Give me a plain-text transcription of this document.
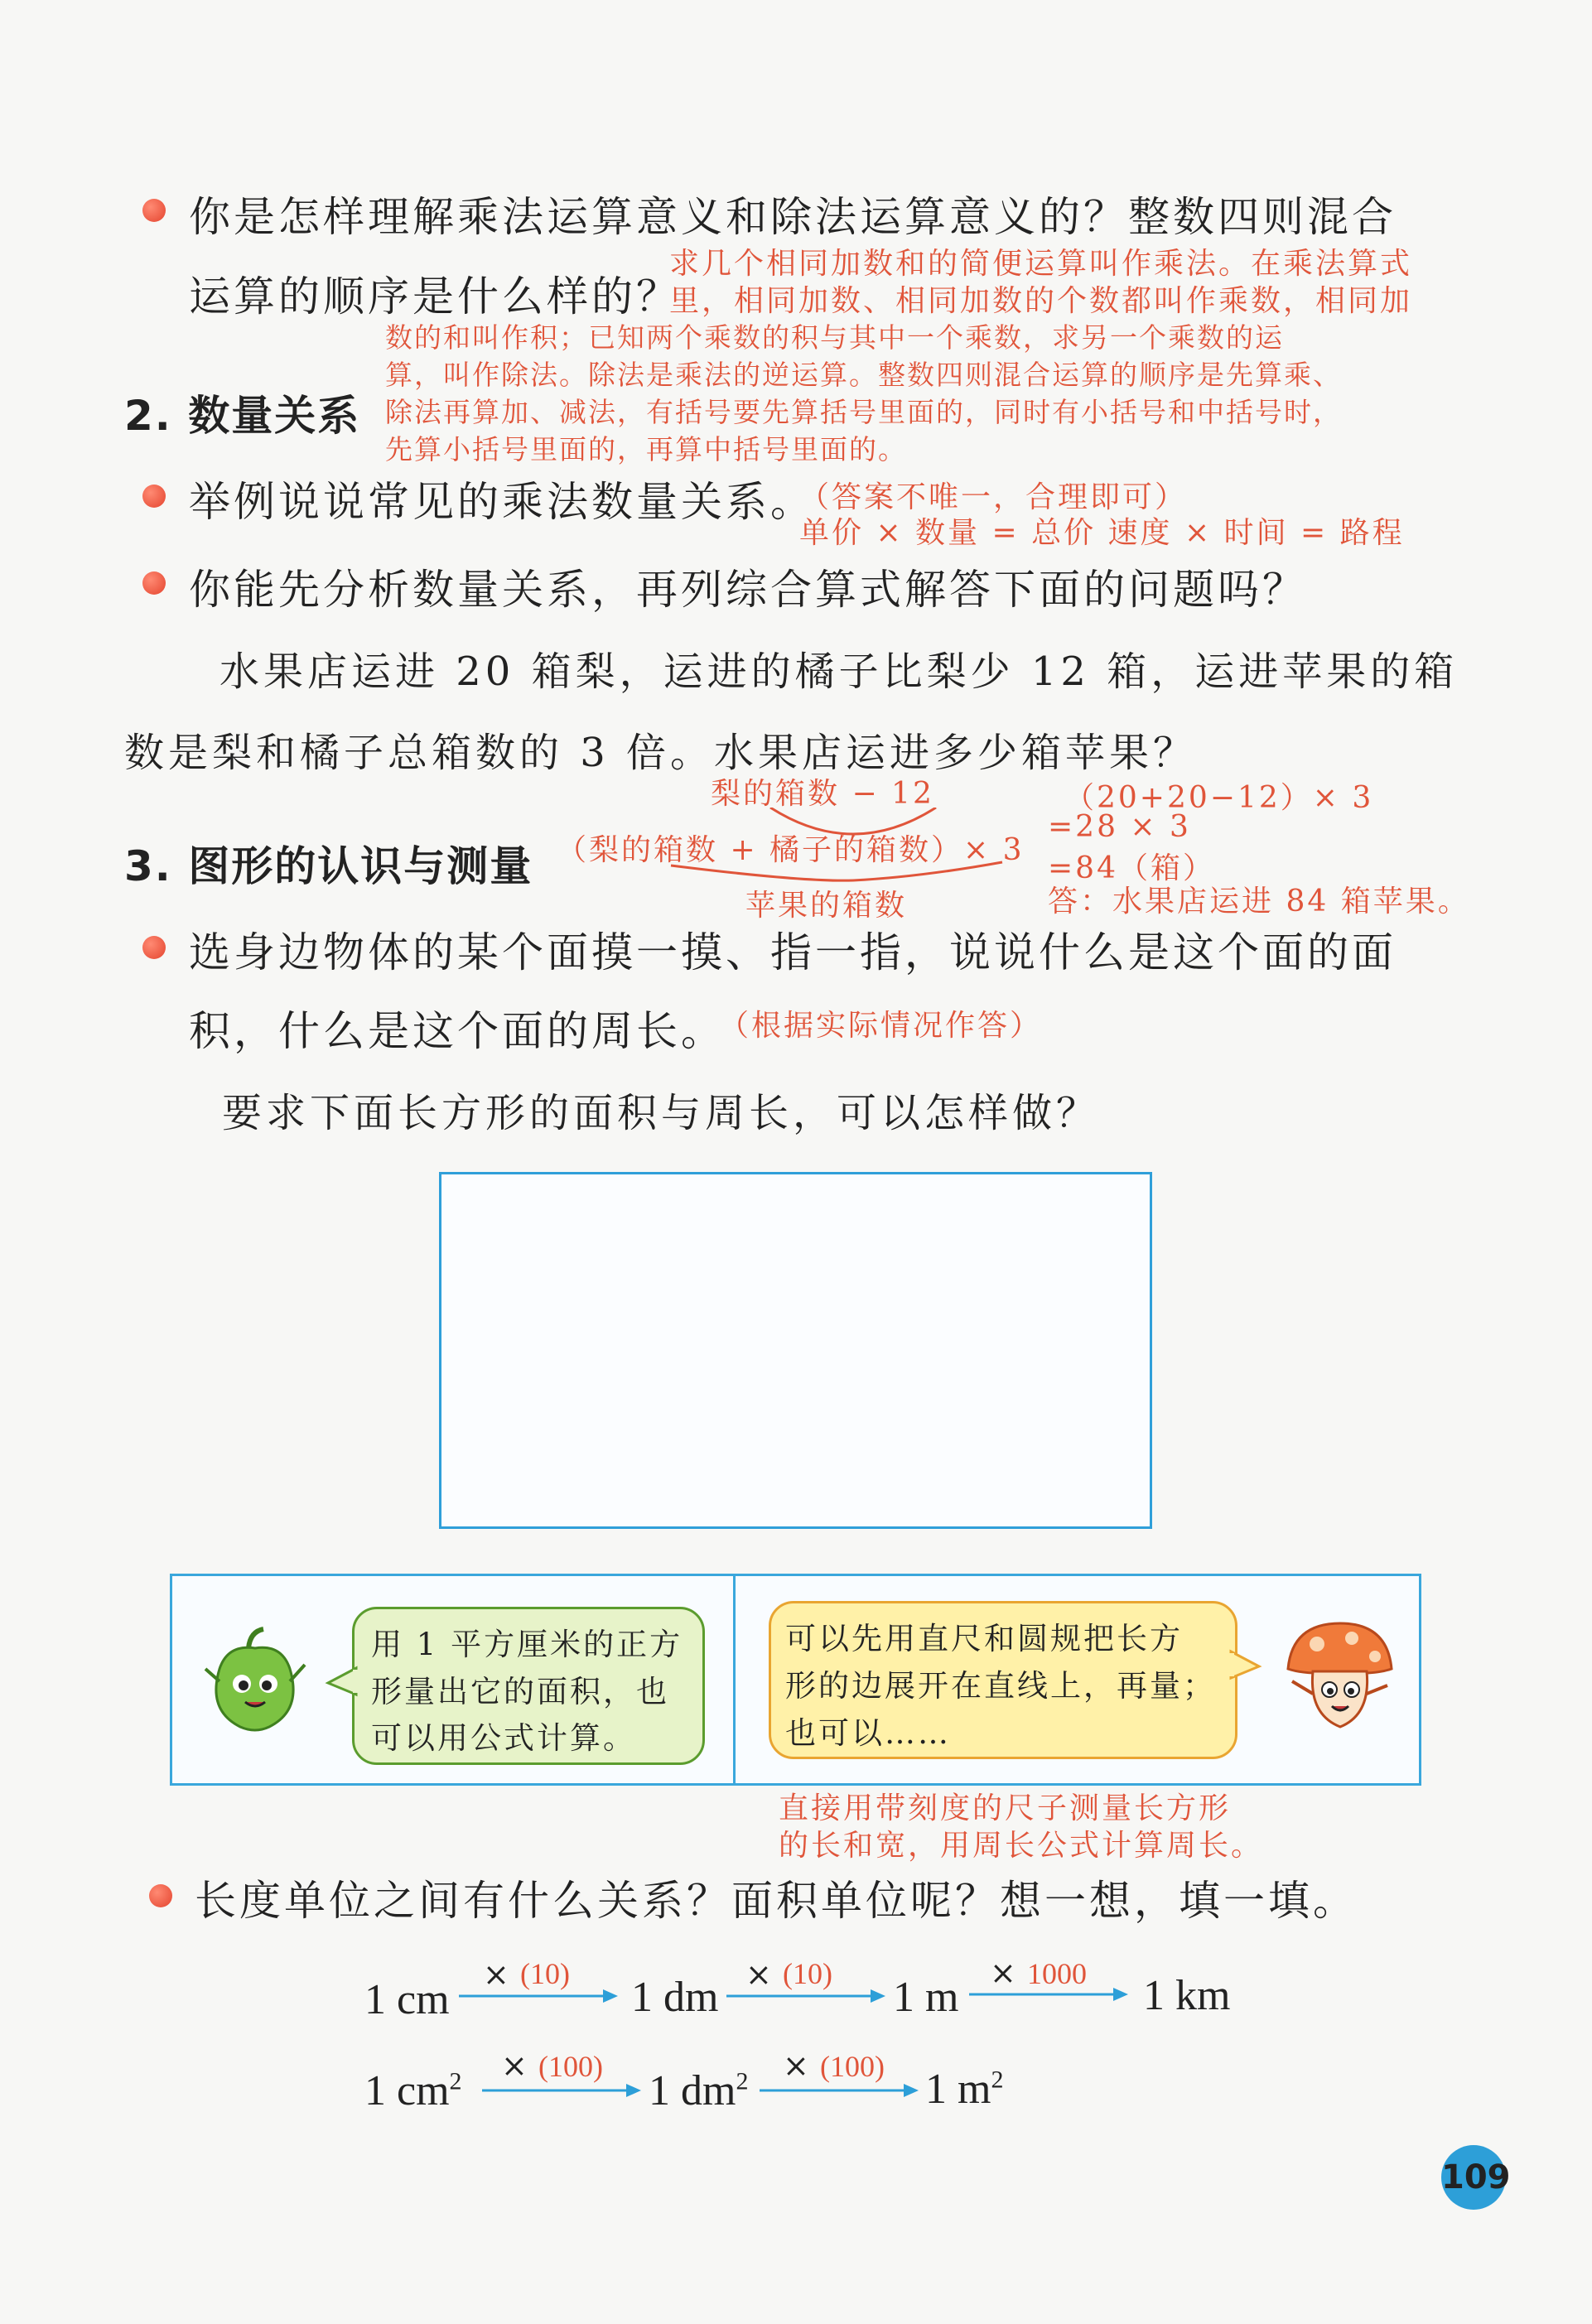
你是怎样理解乘法运算意义和除法运算意义的？整数四则混合
运算的顺序是什么样的？
求几个相同加数和的简便运算叫作乘法。在乘法算式
里，相同加数、相同加数的个数都叫作乘数，相同加
数的和叫作积；已知两个乘数的积与其中一个乘数，求另一个乘数的运
算，叫作除法。除法是乘法的逆运算。整数四则混合运算的顺序是先算乘、
除法再算加、减法，有括号要先算括号里面的，同时有小括号和中括号时，
先算小括号里面的，再算中括号里面的。
2. 数量关系
举例说说常见的乘法数量关系。
（答案不唯一，合理即可）
单价 × 数量 = 总价 速度 × 时间 = 路程
你能先分析数量关系，再列综合算式解答下面的问题吗？
水果店运进 20 箱梨，运进的橘子比梨少 12 箱，运进苹果的箱
数是梨和橘子总箱数的 3 倍。水果店运进多少箱苹果？
梨的箱数 − 12
（梨的箱数 + 橘子的箱数）× 3
苹果的箱数
（20+20−12）× 3
=28 × 3
=84（箱）
答：水果店运进 84 箱苹果。
3. 图形的认识与测量
选身边物体的某个面摸一摸、指一指，说说什么是这个面的面
积，什么是这个面的周长。
（根据实际情况作答）
要求下面长方形的面积与周长，可以怎样做？
用 1 平方厘米的正方
形量出它的面积，也
可以用公式计算。
可以先用直尺和圆规把长方
形的边展开在直线上，再量；
也可以……
直接用带刻度的尺子测量长方形
的长和宽，用周长公式计算周长。
长度单位之间有什么关系？面积单位呢？想一想，填一填。
1 cm	1 dm	1 m	1 km
× (10)	× (10)	× 1000
1 $cm^2$	1 $dm^2$	1 $m^2$
× (100)	× (100)
109
